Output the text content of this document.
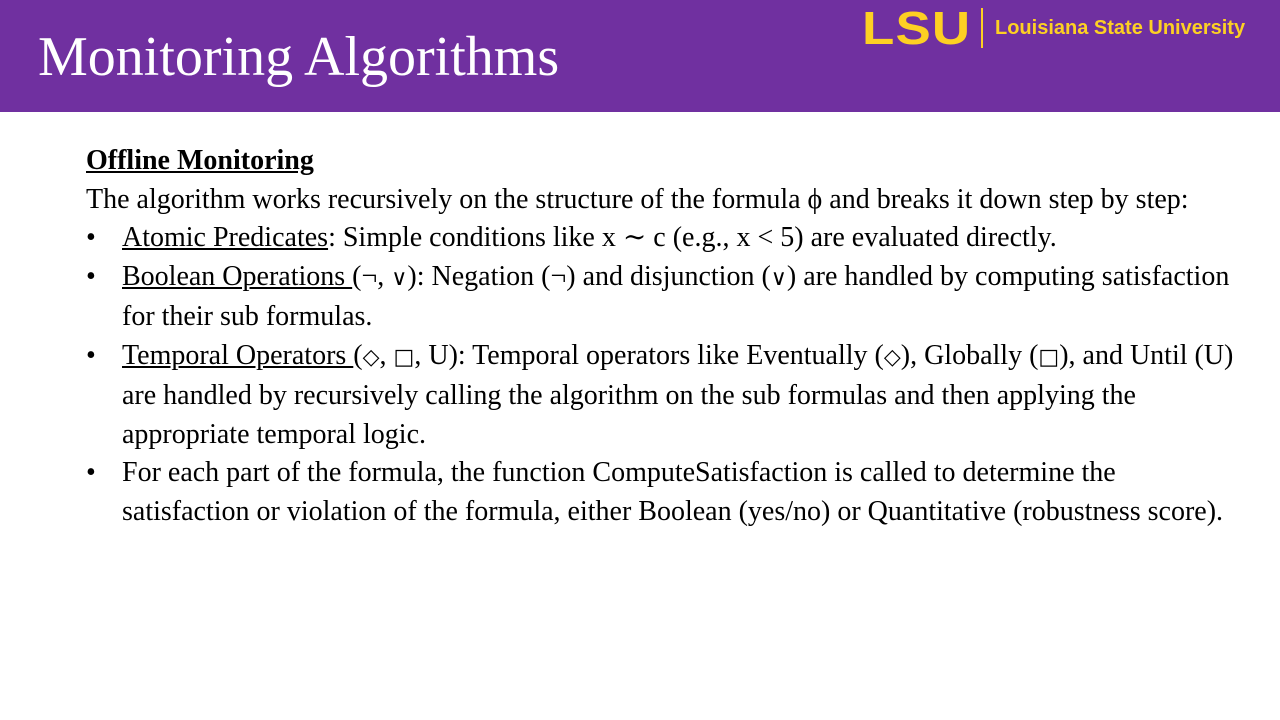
Monitoring Algorithms	LSU Louisiana State University

Offline Monitoring

The algorithm works recursively on the structure of the formula ϕ and breaks it down step by step:

• Atomic Predicates: Simple conditions like x ∼ c (e.g., x < 5) are evaluated directly.
• Boolean Operations (¬, ∨): Negation (¬) and disjunction (∨) are handled by computing satisfaction for their sub formulas.
• Temporal Operators (◇, □, U): Temporal operators like Eventually (◇), Globally (□), and Until (U) are handled by recursively calling the algorithm on the sub formulas and then applying the appropriate temporal logic.
• For each part of the formula, the function ComputeSatisfaction is called to determine the satisfaction or violation of the formula, either Boolean (yes/no) or Quantitative (robustness score).
